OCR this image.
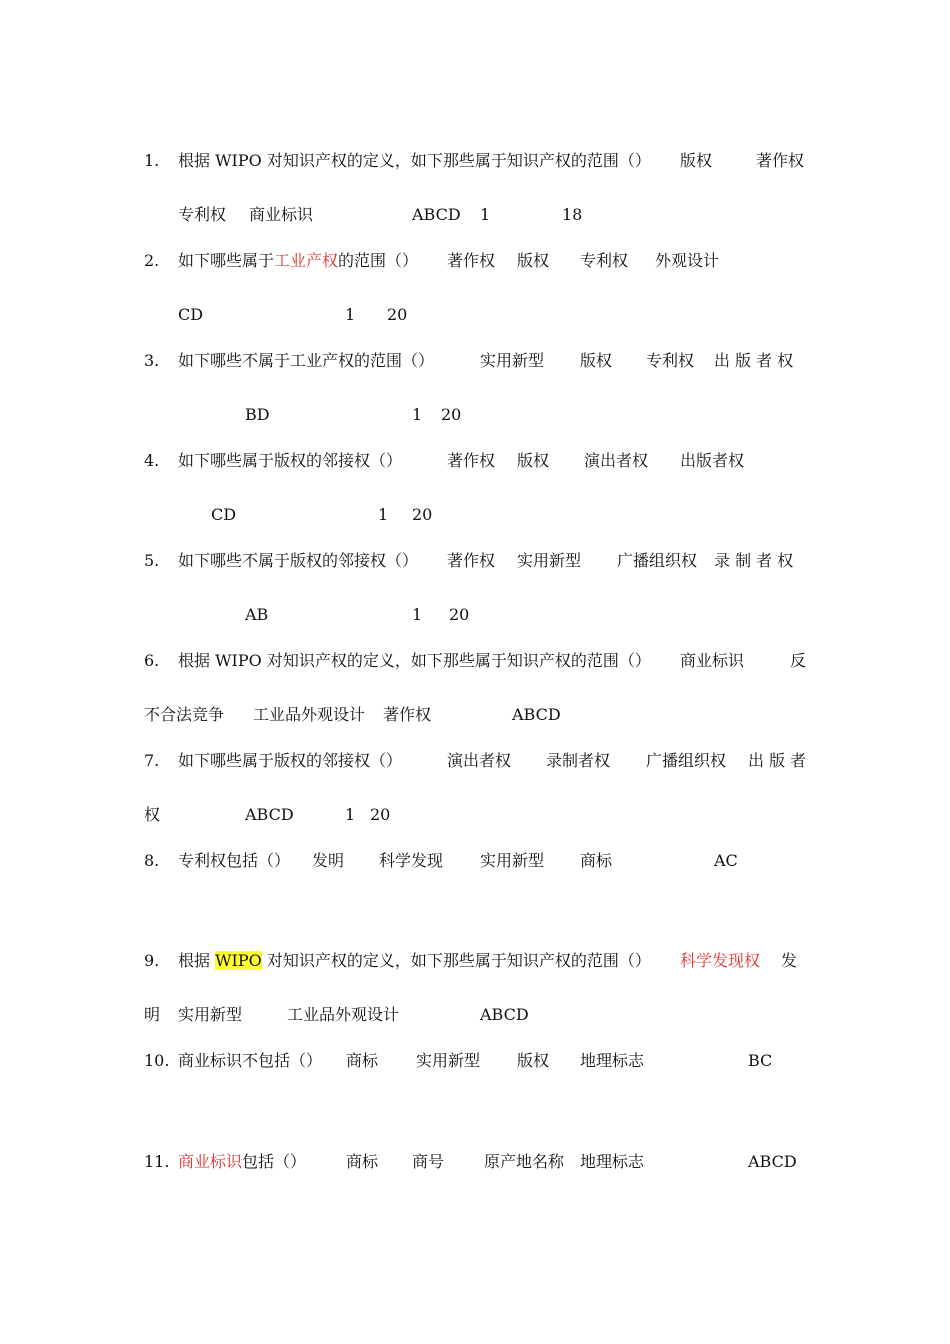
1. 根据 WIPO 对知识产权的定义，如下那些属于知识产权的范围（） 版权	著作权
专利权 商业标识	ABCD 1	18
2. 如下哪些属于工业产权的范围（） 著作权 版权 专利权 外观设计
CD	1 20
3. 如下哪些不属于工业产权的范围（）	实用新型 版权 专利权 出 版 者 权
BD	1 20
4. 如下哪些属于版权的邻接权（）	著作权 版权 演出者权 出版者权
CD	1 20
5. 如下哪些不属于版权的邻接权（） 著作权 实用新型 广播组织权 录 制 者 权
AB	1 20
6. 根据 WIPO 对知识产权的定义，如下那些属于知识产权的范围（） 商业标识	反
不合法竞争 工业品外观设计 著作权	ABCD
7. 如下哪些属于版权的邻接权（）	演出者权 录制者权 广播组织权 出 版 者
权	ABCD	1 20
8. 专利权包括（） 发明 科学发现 实用新型 商标	AC
9. 根据 WIPO 对知识产权的定义，如下那些属于知识产权的范围（） 科学发现权 发
明 实用新型	工业品外观设计	ABCD
10. 商业标识不包括（） 商标 实用新型 版权 地理标志	BC
11. 商业标识包括（） 商标 商号 原产地名称 地理标志	ABCD
